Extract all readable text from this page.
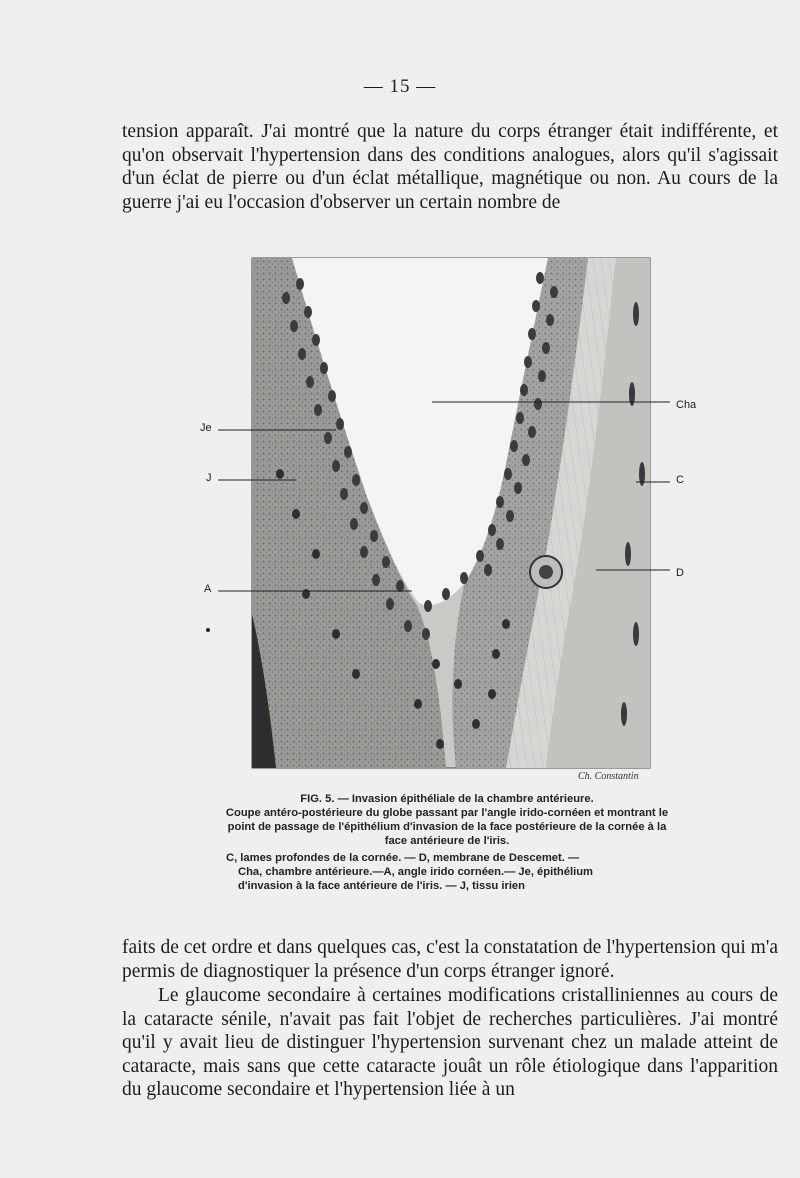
— 15 —

tension apparaît. J'ai montré que la nature du corps étranger était indifférente, et qu'on observait l'hypertension dans des conditions analogues, alors qu'il s'agissait d'un éclat de pierre ou d'un éclat métallique, magnétique ou non. Au cours de la guerre j'ai eu l'occasion d'observer un certain nombre de

Je
J
A
Cha
C
D
Ch. Constantin
FIG. 5. — Invasion épithéliale de la chambre antérieure.
Coupe antéro-postérieure du globe passant par l'angle irido-cornéen et montrant le point de passage de l'épithélium d'invasion de la face postérieure de la cornée à la face antérieure de l'iris.
C, lames profondes de la cornée. — D, membrane de Descemet. —
Cha, chambre antérieure.—A, angle irido cornéen.— Je, épithélium
d'invasion à la face antérieure de l'iris. — J, tissu irien

faits de cet ordre et dans quelques cas, c'est la constatation de l'hypertension qui m'a permis de diagnostiquer la présence d'un corps étranger ignoré.

Le glaucome secondaire à certaines modifications cristalliniennes au cours de la cataracte sénile, n'avait pas fait l'objet de recherches particulières. J'ai montré qu'il y avait lieu de distinguer l'hypertension survenant chez un malade atteint de cataracte, mais sans que cette cataracte jouât un rôle étiologique dans l'apparition du glaucome secondaire et l'hypertension liée à un
